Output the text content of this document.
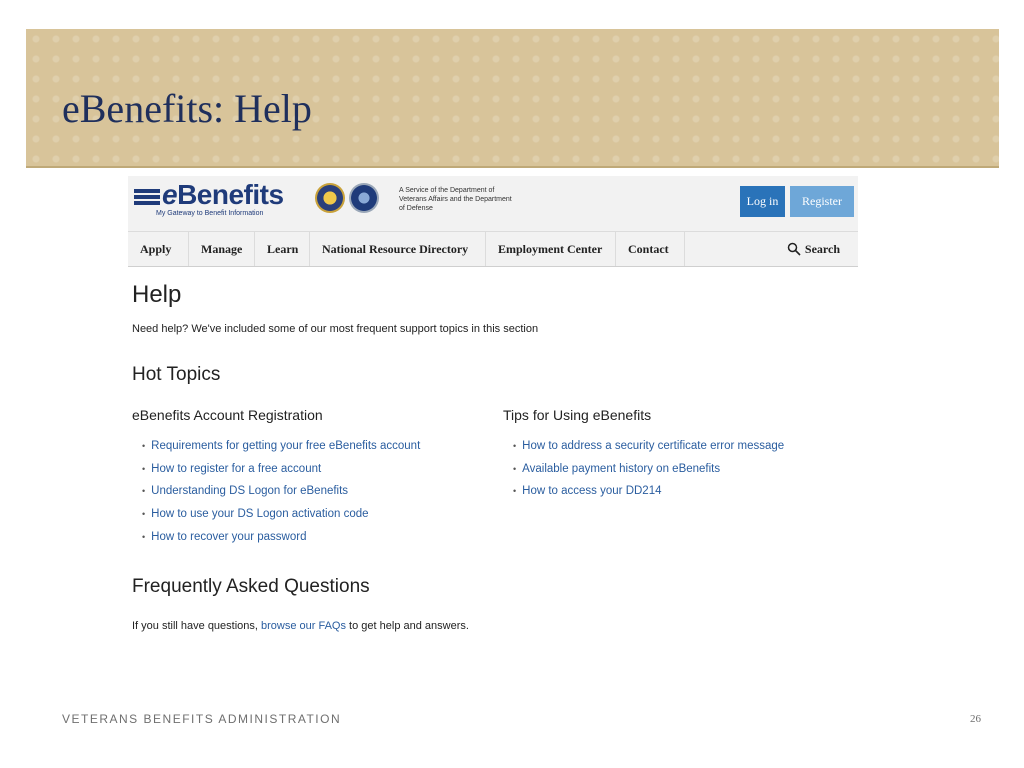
eBenefits: Help
eBenefits
My Gateway to Benefit Information
A Service of the Department of Veterans Affairs and the Department of Defense
Log in	Register
Apply	Manage	Learn	National Resource Directory	Employment Center	Contact	Search
Help
Need help? We've included some of our most frequent support topics in this section
Hot Topics
eBenefits Account Registration	Tips for Using eBenefits
• Requirements for getting your free eBenefits account
• How to register for a free account
• Understanding DS Logon for eBenefits
• How to use your DS Logon activation code
• How to recover your password
• How to address a security certificate error message
• Available payment history on eBenefits
• How to access your DD214
Frequently Asked Questions
If you still have questions, browse our FAQs to get help and answers.
VETERANS BENEFITS ADMINISTRATION	26
